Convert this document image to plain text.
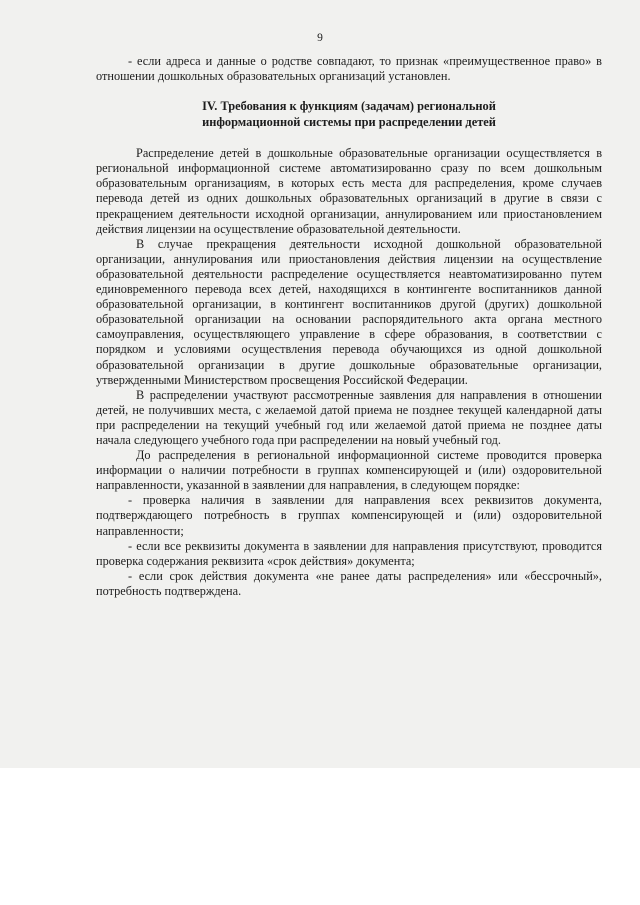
9

- если адреса и данные о родстве совпадают, то признак «преимущественное право» в отношении дошкольных образовательных организаций установлен.

IV. Требования к функциям (задачам) региональной
информационной системы при распределении детей

Распределение детей в дошкольные образовательные организации осуществляется в региональной информационной системе автоматизированно сразу по всем дошкольным образовательным организациям, в которых есть места для распределения, кроме случаев перевода детей из одних дошкольных образовательных организаций в другие в связи с прекращением деятельности исходной организации, аннулированием или приостановлением действия лицензии на осуществление образовательной деятельности.

В случае прекращения деятельности исходной дошкольной образовательной организации, аннулирования или приостановления действия лицензии на осуществление образовательной деятельности распределение осуществляется неавтоматизированно путем единовременного перевода всех детей, находящихся в контингенте воспитанников данной образовательной организации, в контингент воспитанников другой (других) дошкольной образовательной организации на основании распорядительного акта органа местного самоуправления, осуществляющего управление в сфере образования, в соответствии с порядком и условиями осуществления перевода обучающихся из одной дошкольной образовательной организации в другие дошкольные образовательные организации, утвержденными Министерством просвещения Российской Федерации.

В распределении участвуют рассмотренные заявления для направления в отношении детей, не получивших места, с желаемой датой приема не позднее текущей календарной даты при распределении на текущий учебный год или желаемой датой приема не позднее даты начала следующего учебного года при распределении на новый учебный год.

До распределения в региональной информационной системе проводится проверка информации о наличии потребности в группах компенсирующей и (или) оздоровительной направленности, указанной в заявлении для направления, в следующем порядке:

- проверка наличия в заявлении для направления всех реквизитов документа, подтверждающего потребность в группах компенсирующей и (или) оздоровительной направленности;

- если все реквизиты документа в заявлении для направления присутствуют, проводится проверка содержания реквизита «срок действия» документа;

- если срок действия документа «не ранее даты распределения» или «бессрочный», потребность подтверждена.
